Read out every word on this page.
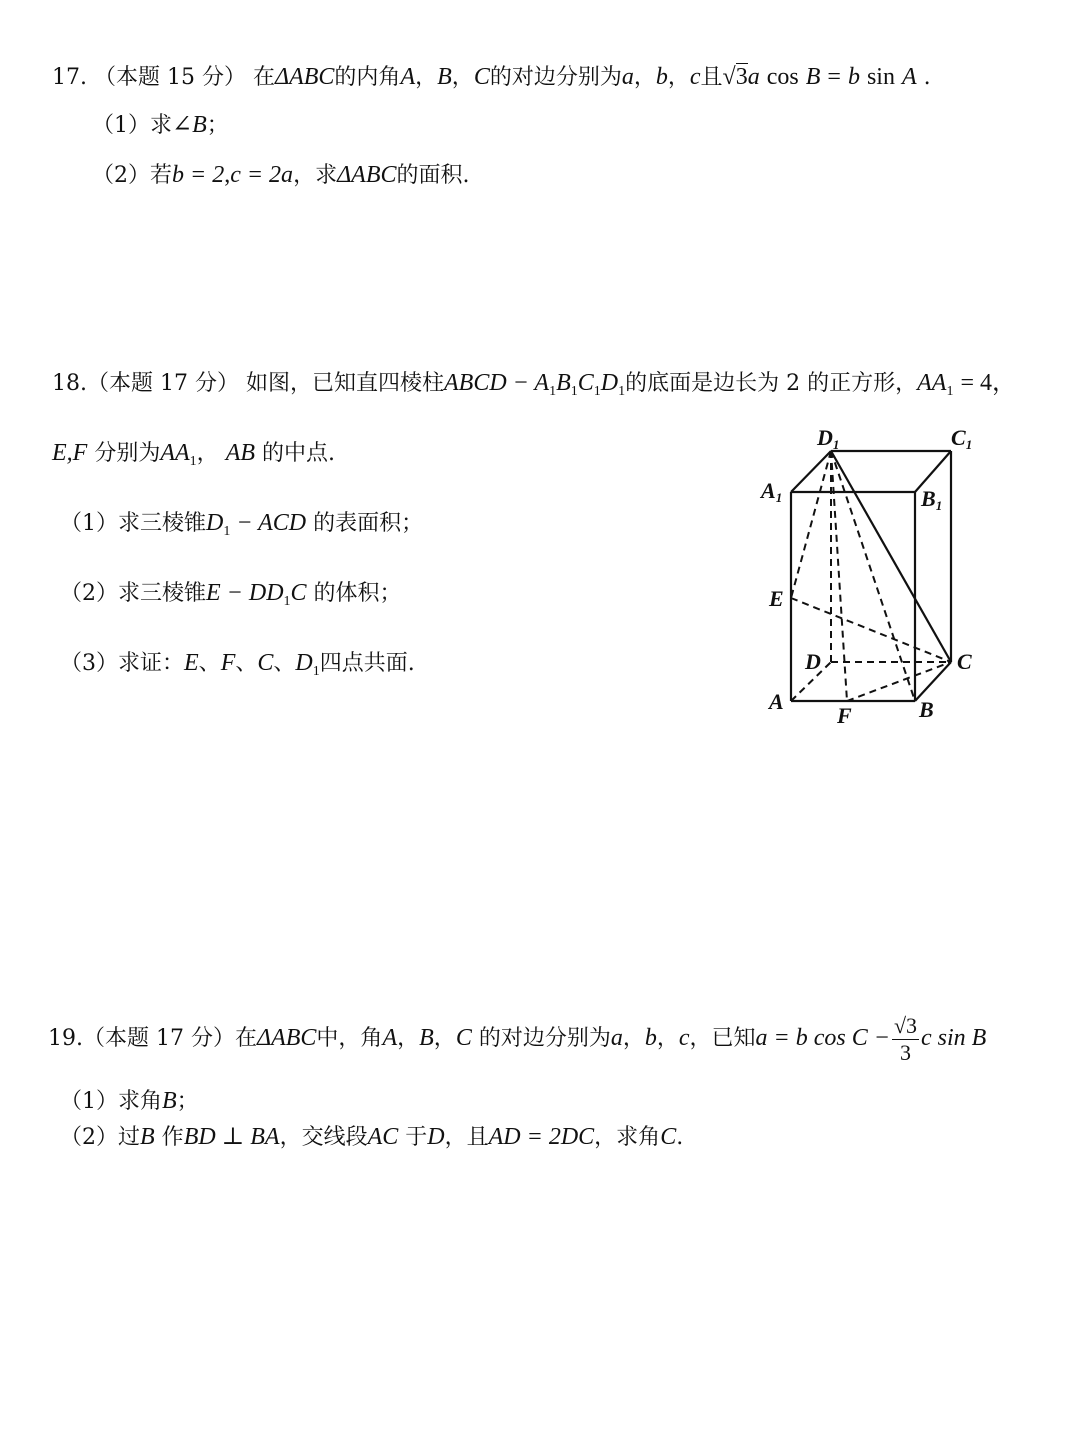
17. （本题 15 分） 在ΔABC的内角A，B，C的对边分别为a，b，c且√3a cos B = b sin A .
（1）求∠B；
（2）若b = 2,c = 2a，求ΔABC的面积.
18.（本题 17 分） 如图，已知直四棱柱ABCD − $A_1B_1C_1D_1$的底面是边长为 2 的正方形，$AA_1 = 4$，
E,F 分别为$AA_1$， AB 的中点.
（1）求三棱锥$D_1$ − ACD 的表面积；
（2）求三棱锥$E - DD_1C$ 的体积；
（3）求证：E、F、C、$D_1$四点共面.
D1	C1
A1	B1
E
D	C
A
F	B
19.（本题 17 分）在ΔABC中，角A，B，C 的对边分别为a，b，c，已知a = b $\cos C - \frac{√3}{3}$ c sin B
（1）求角B；
（2）过B 作BD ⊥ BA，交线段AC 于D，且AD = 2DC，求角C.
